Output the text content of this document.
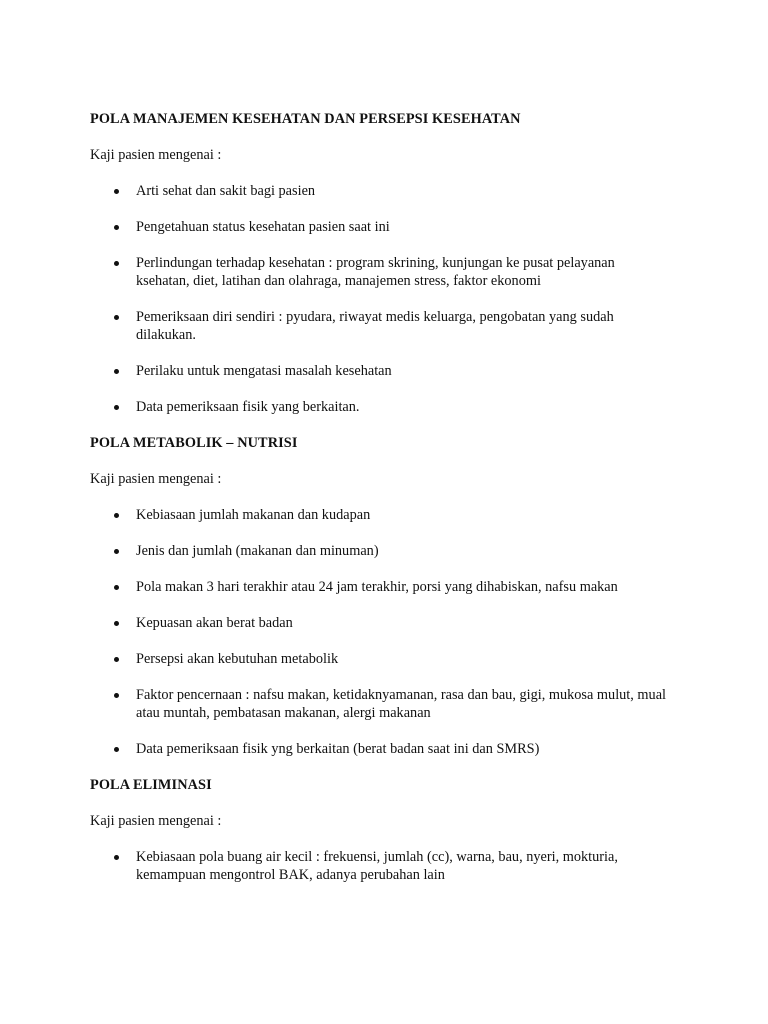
POLA MANAJEMEN KESEHATAN DAN PERSEPSI KESEHATAN

Kaji pasien mengenai :

Arti sehat dan sakit bagi pasien
Pengetahuan status kesehatan pasien saat ini
Perlindungan terhadap kesehatan : program skrining, kunjungan ke pusat pelayanan ksehatan, diet, latihan dan olahraga, manajemen stress, faktor ekonomi
Pemeriksaan diri sendiri : pyudara, riwayat medis keluarga, pengobatan yang sudah dilakukan.
Perilaku untuk mengatasi masalah kesehatan
Data pemeriksaan fisik yang berkaitan.

POLA METABOLIK – NUTRISI

Kaji pasien mengenai :

Kebiasaan jumlah makanan dan kudapan
Jenis dan jumlah (makanan dan minuman)
Pola makan 3 hari terakhir atau 24 jam terakhir, porsi yang dihabiskan, nafsu makan
Kepuasan akan berat badan
Persepsi akan kebutuhan metabolik
Faktor pencernaan : nafsu makan, ketidaknyamanan, rasa dan bau, gigi, mukosa mulut, mual atau muntah, pembatasan makanan, alergi makanan
Data pemeriksaan fisik yng berkaitan (berat badan saat ini dan SMRS)

POLA ELIMINASI

Kaji pasien mengenai :

Kebiasaan pola buang air kecil : frekuensi, jumlah (cc), warna, bau, nyeri, mokturia, kemampuan mengontrol BAK, adanya perubahan lain
